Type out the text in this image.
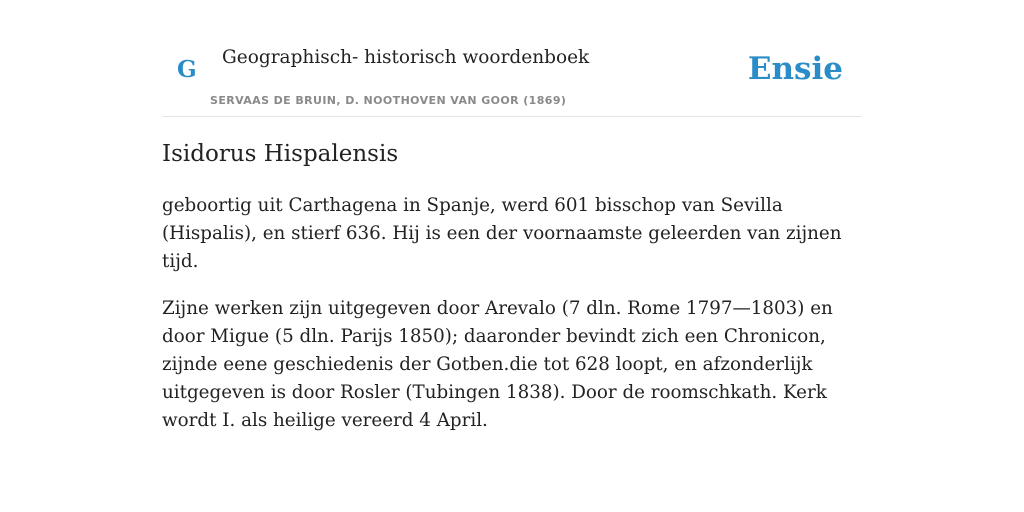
G Geographisch- historisch woordenboek
SERVAAS DE BRUIN, D. NOOTHOVEN VAN GOOR (1869)
Ensie
Isidorus Hispalensis

geboortig uit Carthagena in Spanje, werd 601 bisschop van Sevilla (Hispalis), en stierf 636. Hij is een der voornaamste geleerden van zijnen tijd.

Zijne werken zijn uitgegeven door Arevalo (7 dln. Rome 1797—1803) en door Migue (5 dln. Parijs 1850); daaronder bevindt zich een Chronicon, zijnde eene geschiedenis der Gotben.die tot 628 loopt, en afzonderlijk uitgegeven is door Rosler (Tubingen 1838). Door de roomschkath. Kerk wordt I. als heilige vereerd 4 April.
